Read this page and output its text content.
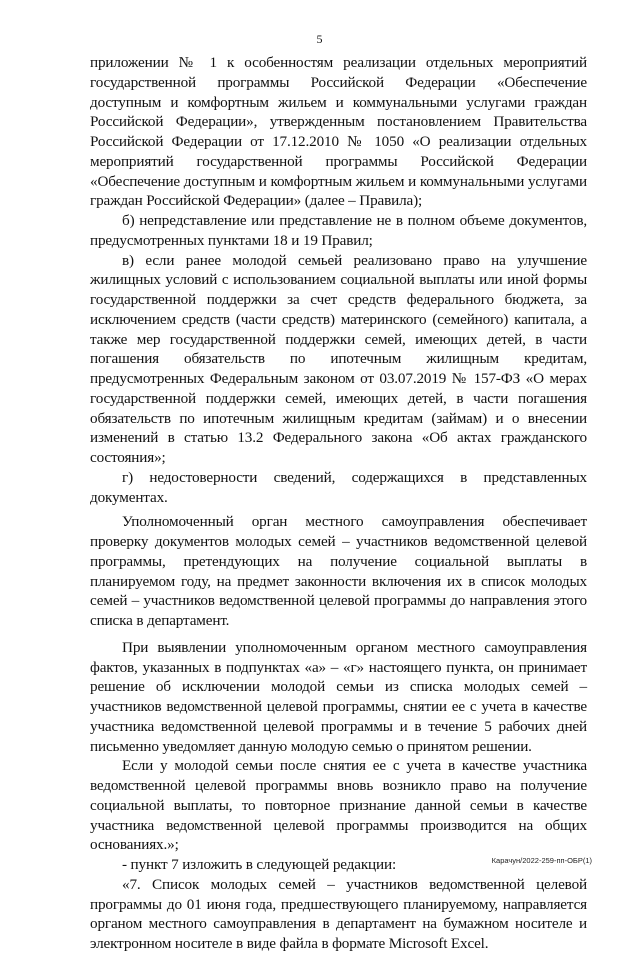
5

приложении № 1 к особенностям реализации отдельных мероприятий государственной программы Российской Федерации «Обеспечение доступным и комфортным жильем и коммунальными услугами граждан Российской Федерации», утвержденным постановлением Правительства Российской Федерации от 17.12.2010 № 1050 «О реализации отдельных мероприятий государственной программы Российской Федерации «Обеспечение доступным и комфортным жильем и коммунальными услугами граждан Российской Федерации» (далее – Правила);

б) непредставление или представление не в полном объеме документов, предусмотренных пунктами 18 и 19 Правил;

в) если ранее молодой семьей реализовано право на улучшение жилищных условий с использованием социальной выплаты или иной формы государственной поддержки за счет средств федерального бюджета, за исключением средств (части средств) материнского (семейного) капитала, а также мер государственной поддержки семей, имеющих детей, в части погашения обязательств по ипотечным жилищным кредитам, предусмотренных Федеральным законом от 03.07.2019 № 157-ФЗ «О мерах государственной поддержки семей, имеющих детей, в части погашения обязательств по ипотечным жилищным кредитам (займам) и о внесении изменений в статью 13.2 Федерального закона «Об актах гражданского состояния»;

г) недостоверности сведений, содержащихся в представленных документах.

Уполномоченный орган местного самоуправления обеспечивает проверку документов молодых семей – участников ведомственной целевой программы, претендующих на получение социальной выплаты в планируемом году, на предмет законности включения их в список молодых семей – участников ведомственной целевой программы до направления этого списка в департамент.

При выявлении уполномоченным органом местного самоуправления фактов, указанных в подпунктах «а» – «г» настоящего пункта, он принимает решение об исключении молодой семьи из списка молодых семей – участников ведомственной целевой программы, снятии ее с учета в качестве участника ведомственной целевой программы и в течение 5 рабочих дней письменно уведомляет данную молодую семью о принятом решении.

Если у молодой семьи после снятия ее с учета в качестве участника ведомственной целевой программы вновь возникло право на получение социальной выплаты, то повторное признание данной семьи в качестве участника ведомственной целевой программы производится на общих основаниях.»;

- пункт 7 изложить в следующей редакции:

«7. Список молодых семей – участников ведомственной целевой программы до 01 июня года, предшествующего планируемому, направляется органом местного самоуправления в департамент на бумажном носителе и электронном носителе в виде файла в формате Microsoft Excel.

Карачун/2022-259-пп-ОБР(1)
